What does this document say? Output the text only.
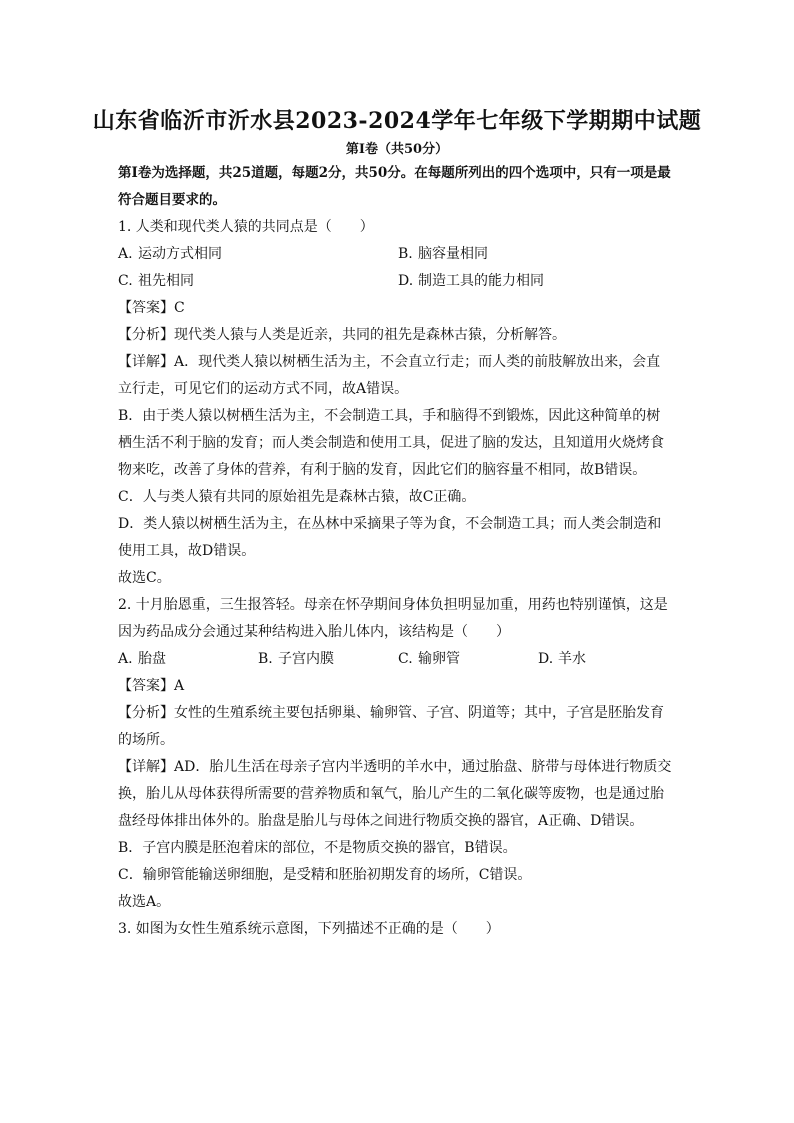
山东省临沂市沂水县2023-2024学年七年级下学期期中试题
第Ⅰ卷（共50分）
第Ⅰ卷为选择题，共25道题，每题2分，共50分。在每题所列出的四个选项中，只有一项是最符合题目要求的。
1. 人类和现代类人猿的共同点是（　　）
A. 运动方式相同	B. 脑容量相同
C. 祖先相同	D. 制造工具的能力相同
【答案】C
【分析】现代类人猿与人类是近亲，共同的祖先是森林古猿，分析解答。
【详解】A．现代类人猿以树栖生活为主，不会直立行走；而人类的前肢解放出来，会直
立行走，可见它们的运动方式不同，故A错误。
B．由于类人猿以树栖生活为主，不会制造工具，手和脑得不到锻炼，因此这种简单的树
栖生活不利于脑的发育；而人类会制造和使用工具，促进了脑的发达，且知道用火烧烤食
物来吃，改善了身体的营养，有利于脑的发育，因此它们的脑容量不相同，故B错误。
C．人与类人猿有共同的原始祖先是森林古猿，故C正确。
D．类人猿以树栖生活为主，在丛林中采摘果子等为食，不会制造工具；而人类会制造和
使用工具，故D错误。
故选C。
2. 十月胎恩重，三生报答轻。母亲在怀孕期间身体负担明显加重，用药也特别谨慎，这是
因为药品成分会通过某种结构进入胎儿体内，该结构是（　　）
A. 胎盘	B. 子宫内膜	C. 输卵管	D. 羊水
【答案】A
【分析】女性的生殖系统主要包括卵巢、输卵管、子宫、阴道等；其中，子宫是胚胎发育
的场所。
【详解】AD．胎儿生活在母亲子宫内半透明的羊水中，通过胎盘、脐带与母体进行物质交
换，胎儿从母体获得所需要的营养物质和氧气，胎儿产生的二氧化碳等废物，也是通过胎
盘经母体排出体外的。胎盘是胎儿与母体之间进行物质交换的器官，A正确、D错误。
B．子宫内膜是胚泡着床的部位，不是物质交换的器官，B错误。
C．输卵管能输送卵细胞，是受精和胚胎初期发育的场所，C错误。
故选A。
3. 如图为女性生殖系统示意图，下列描述不正确的是（　　）
